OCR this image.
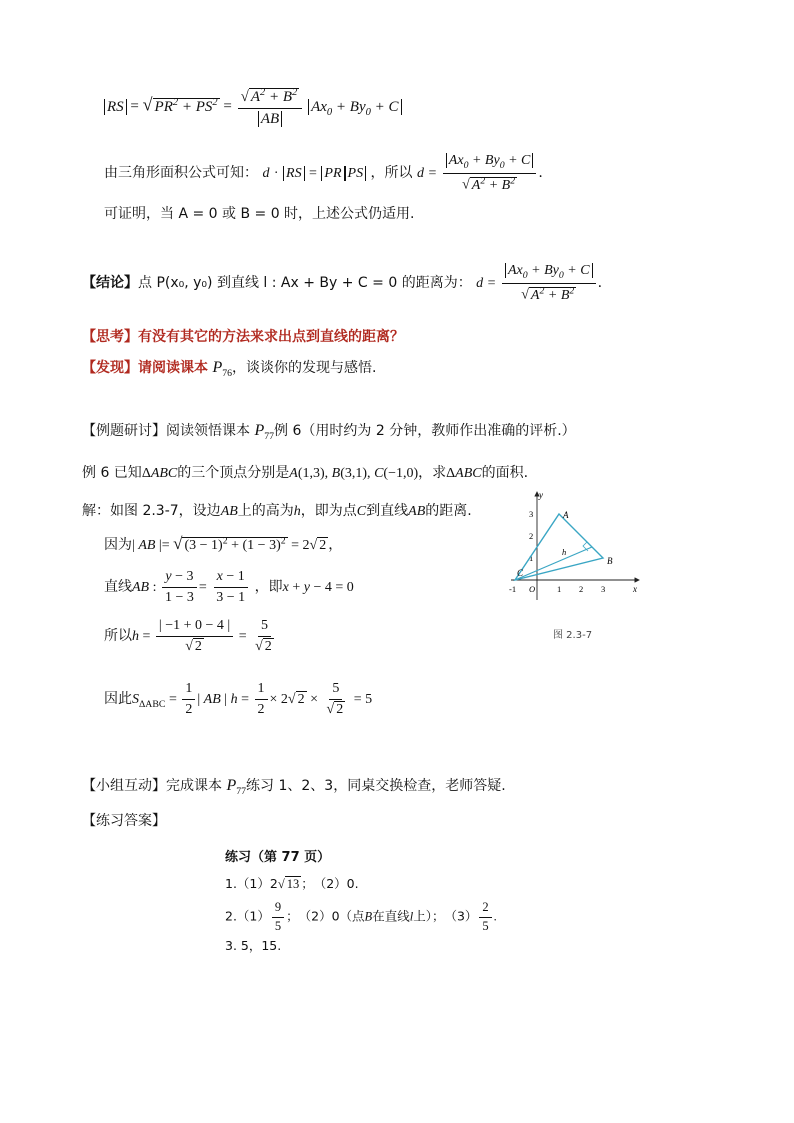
RS = √ $PR^2 + PS^2 = \frac{√ A^2 + B^2}{AB} Ax_0 + By_0 + C$
由三角形面积公式可知： d · RS = PR PS ，所以 $d = \frac{Ax_0 + By_0 + C}{√ A^2 + B^2}$ .
可证明，当 A = 0 或 B = 0 时，上述公式仍适用.
【结论】点 P(x₀, y₀) 到直线 l : Ax + By + C = 0 的距离为： $d = \frac{Ax_0 + By_0 + C}{√ A^2 + B^2}$ .
【思考】有没有其它的方法来求出点到直线的距离？
【发现】请阅读课本 $P_{76}$，谈谈你的发现与感悟.
【例题研讨】阅读领悟课本 $P_{77}$例 6（用时约为 2 分钟，教师作出准确的评析.）
例 6 已知ΔABC的三个顶点分别是A(1,3), B(3,1), C(−1,0)，求ΔABC的面积.
解：如图 2.3-7，设边AB上的高为h，即为点C到直线AB的距离.
因为| AB |= √ $(3 - 1)^2 + (1 - 3)^2 = 2√$ 2 ，
直线AB : $\frac{y - 3}{1 - 3} = \frac{x - 1}{3 - 1}$ ，即x + y − 4 = 0
所以$h = \frac{| -1 + 0 - 4 |}{√ 2} = \frac{5}{√ 2}$
因此$S_{\Delta ABC} = \frac{1}{2}$ | AB | $h = \frac{1}{2} \times 2√$ $2 \times \frac{5}{√ 2} = 5$
y
x
-1	1 2 3
1
2
3
O
A
B
C
h
图 2.3-7
【小组互动】完成课本 $P_{77}$练习 1、2、3，同桌交换检查，老师答疑.
【练习答案】
练习（第 77 页）
1.（1）2√ 13 ；　（2）0.
$2.(1) \frac{9}{5}$ ；　（2）0（点B在直线l上）；　$(3) \frac{2}{5}$ .
3. 5，15.
